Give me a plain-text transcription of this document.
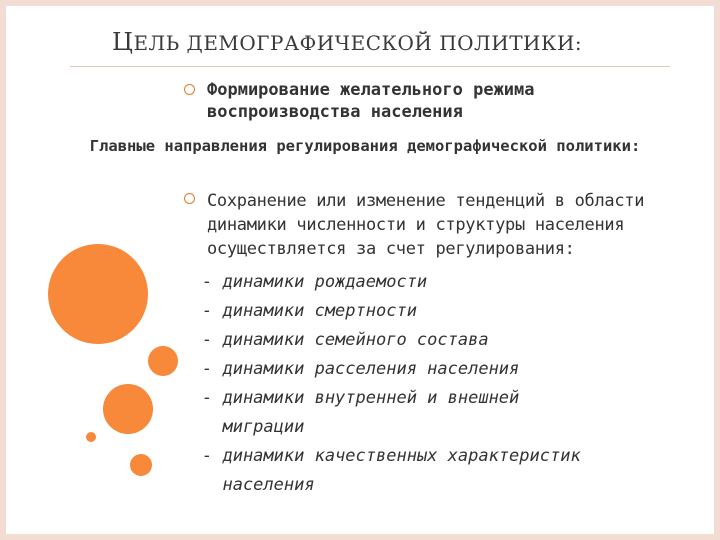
ЦЕЛЬ ДЕМОГРАФИЧЕСКОЙ ПОЛИТИКИ:
Формирование желательного режима воспроизводства населения
Главные направления регулирования демографической политики:
Сохранение или изменение тенденций в области динамики численности и структуры населения осуществляется за счет регулирования:
- динамики рождаемости
- динамики смертности
- динамики семейного состава
- динамики расселения населения
- динамики внутренней и внешней
миграции
- динамики качественных характеристик
населения
